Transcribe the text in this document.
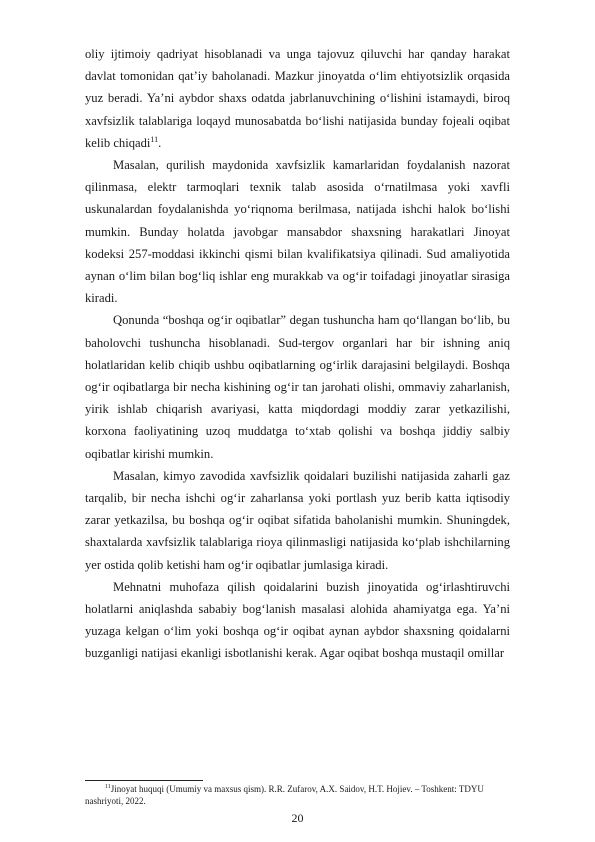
oliy ijtimoiy qadriyat hisoblanadi va unga tajovuz qiluvchi har qanday harakat davlat tomonidan qat’iy baholanadi. Mazkur jinoyatda o‘lim ehtiyotsizlik orqasida yuz beradi. Ya’ni aybdor shaxs odatda jabrlanuvchining o‘lishini istamaydi, biroq xavfsizlik talablariga loqayd munosabatda bo‘lishi natijasida bunday fojeali oqibat kelib chiqadi$^{11}$.

Masalan, qurilish maydonida xavfsizlik kamarlaridan foydalanish nazorat qilinmasa, elektr tarmoqlari texnik talab asosida o‘rnatilmasa yoki xavfli uskunalardan foydalanishda yo‘riqnoma berilmasa, natijada ishchi halok bo‘lishi mumkin. Bunday holatda javobgar mansabdor shaxsning harakatlari Jinoyat kodeksi 257-moddasi ikkinchi qismi bilan kvalifikatsiya qilinadi. Sud amaliyotida aynan o‘lim bilan bog‘liq ishlar eng murakkab va og‘ir toifadagi jinoyatlar sirasiga kiradi.

Qonunda “boshqa og‘ir oqibatlar” degan tushuncha ham qo‘llangan bo‘lib, bu baholovchi tushuncha hisoblanadi. Sud-tergov organlari har bir ishning aniq holatlaridan kelib chiqib ushbu oqibatlarning og‘irlik darajasini belgilaydi. Boshqa og‘ir oqibatlarga bir necha kishining og‘ir tan jarohati olishi, ommaviy zaharlanish, yirik ishlab chiqarish avariyasi, katta miqdordagi moddiy zarar yetkazilishi, korxona faoliyatining uzoq muddatga to‘xtab qolishi va boshqa jiddiy salbiy oqibatlar kirishi mumkin.

Masalan, kimyo zavodida xavfsizlik qoidalari buzilishi natijasida zaharli gaz tarqalib, bir necha ishchi og‘ir zaharlansa yoki portlash yuz berib katta iqtisodiy zarar yetkazilsa, bu boshqa og‘ir oqibat sifatida baholanishi mumkin. Shuningdek, shaxtalarda xavfsizlik talablariga rioya qilinmasligi natijasida ko‘plab ishchilarning yer ostida qolib ketishi ham og‘ir oqibatlar jumlasiga kiradi.

Mehnatni muhofaza qilish qoidalarini buzish jinoyatida og‘irlashtiruvchi holatlarni aniqlashda sababiy bog‘lanish masalasi alohida ahamiyatga ega. Ya’ni yuzaga kelgan o‘lim yoki boshqa og‘ir oqibat aynan aybdor shaxsning qoidalarni buzganligi natijasi ekanligi isbotlanishi kerak. Agar oqibat boshqa mustaqil omillar

$^{11}$Jinoyat huquqi (Umumiy va maxsus qism). R.R. Zufarov, A.X. Saidov, H.T. Hojiev. – Toshkent: TDYU nashriyoti, 2022.
20
